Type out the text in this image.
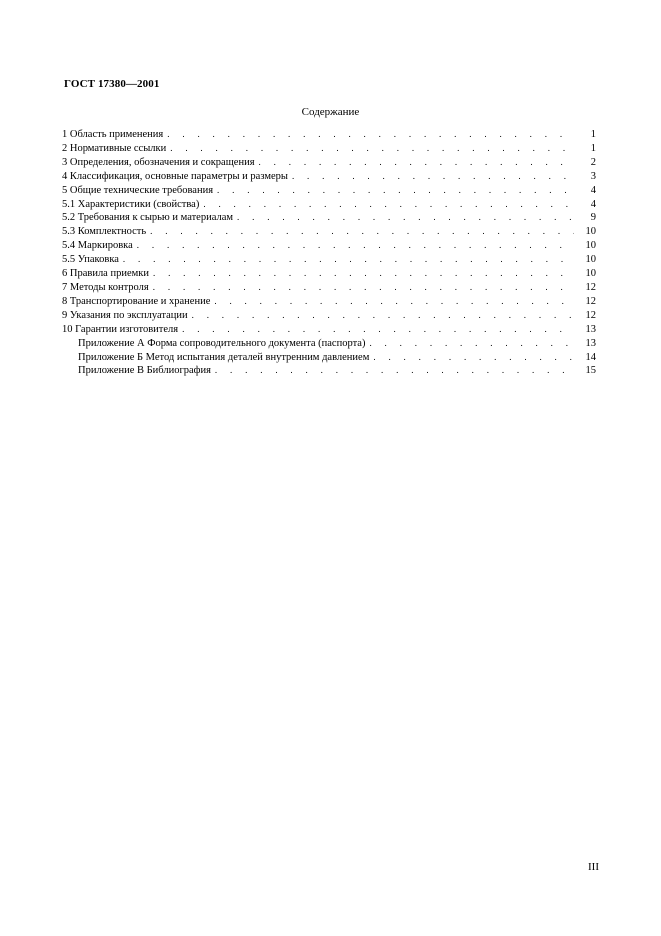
ГОСТ 17380—2001
Содержание
1 Область применения . . .	1
2 Нормативные ссылки . . .	1
3 Определения, обозначения и сокращения . . .	2
4 Классификация, основные параметры и размеры . . .	3
5 Общие технические требования . . .	4
5.1 Характеристики (свойства) . . .	4
5.2 Требования к сырью и материалам . . .	9
5.3 Комплектность . . .	10
5.4 Маркировка . . .	10
5.5 Упаковка . . .	10
6 Правила приемки . . .	10
7 Методы контроля . . .	12
8 Транспортирование и хранение . . .	12
9 Указания по эксплуатации . . .	12
10 Гарантии изготовителя . . .	13
Приложение А Форма сопроводительного документа (паспорта) . . .	13
Приложение Б Метод испытания деталей внутренним давлением . . .	14
Приложение В Библиография . . .	15
III
